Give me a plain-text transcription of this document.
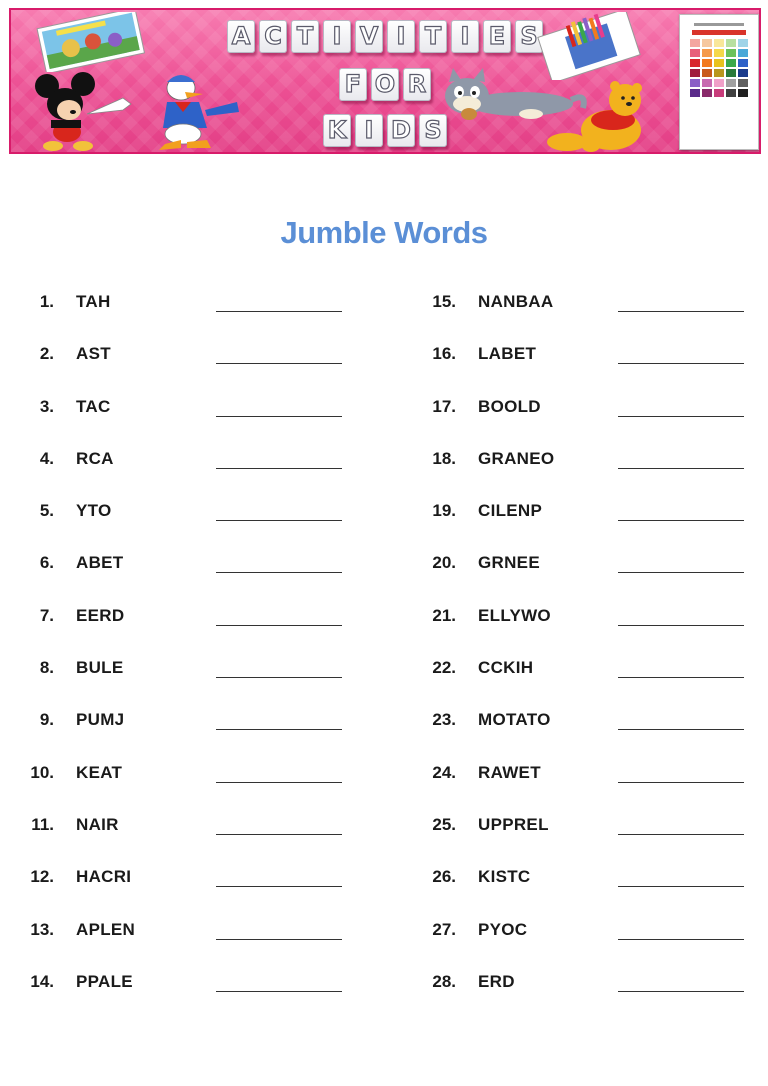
A C T I V I T I E S
F O R
K I D S
Jumble Words
1. TAH
2. AST
3. TAC
4. RCA
5. YTO
6. ABET
7. EERD
8. BULE
9. PUMJ
10. KEAT
11. NAIR
12. HACRI
13. APLEN
14. PPALE
15. NANBAA
16. LABET
17. BOOLD
18. GRANEO
19. CILENP
20. GRNEE
21. ELLYWO
22. CCKIH
23. MOTATO
24. RAWET
25. UPPREL
26. KISTC
27. PYOC
28. ERD
